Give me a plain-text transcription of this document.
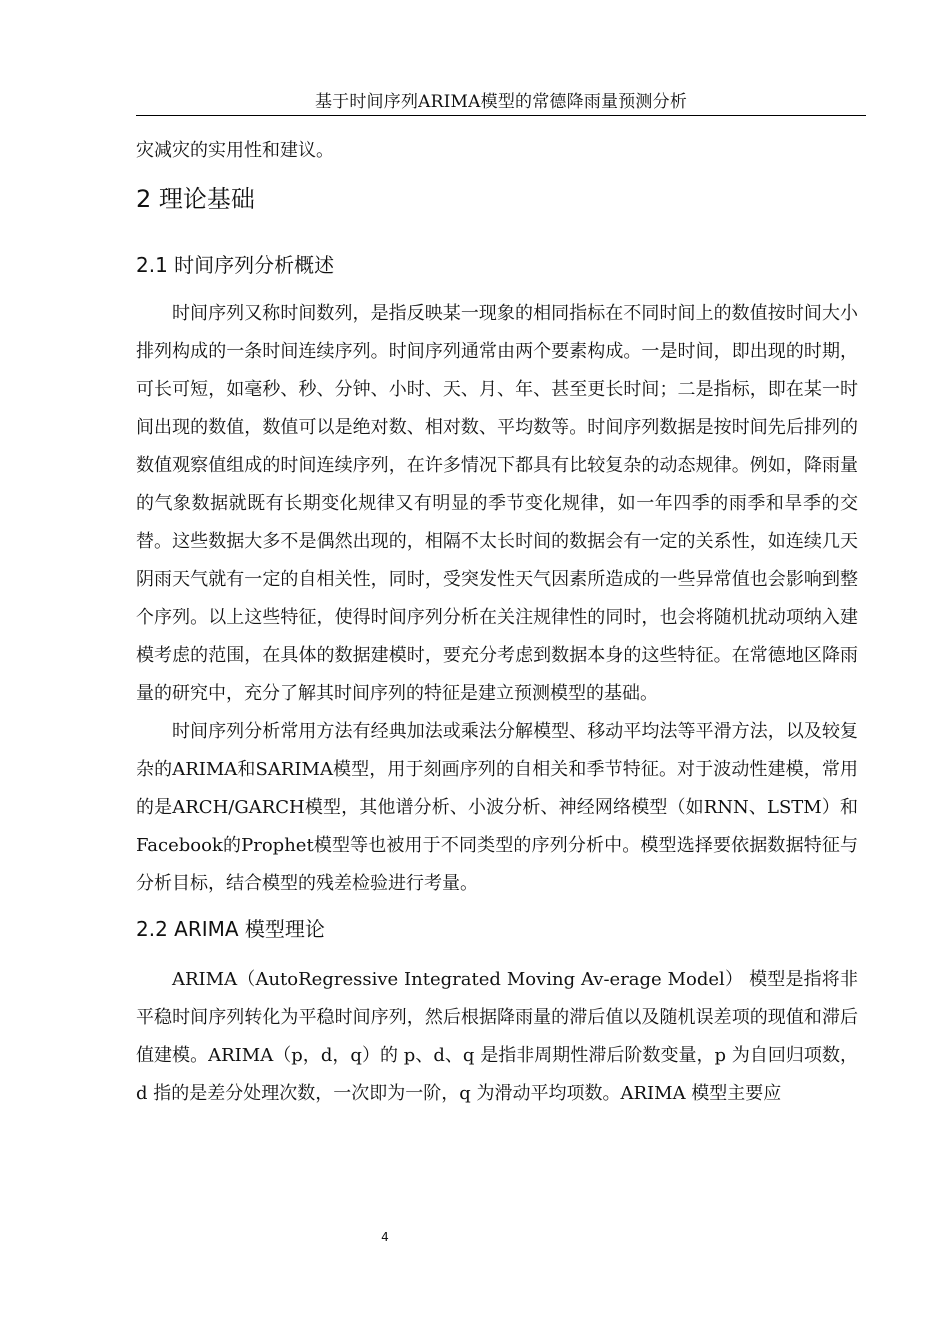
基于时间序列ARIMA模型的常德降雨量预测分析

灾减灾的实用性和建议。

2 理论基础
2.1 时间序列分析概述

时间序列又称时间数列，是指反映某一现象的相同指标在不同时间上的数值按时间大小排列构成的一条时间连续序列。时间序列通常由两个要素构成。一是时间，即出现的时期，可长可短，如毫秒、秒、分钟、小时、天、月、年、甚至更长时间；二是指标，即在某一时间出现的数值，数值可以是绝对数、相对数、平均数等。时间序列数据是按时间先后排列的数值观察值组成的时间连续序列，在许多情况下都具有比较复杂的动态规律。例如，降雨量的气象数据就既有长期变化规律又有明显的季节变化规律，如一年四季的雨季和旱季的交替。这些数据大多不是偶然出现的，相隔不太长时间的数据会有一定的关系性，如连续几天阴雨天气就有一定的自相关性，同时，受突发性天气因素所造成的一些异常值也会影响到整个序列。以上这些特征，使得时间序列分析在关注规律性的同时，也会将随机扰动项纳入建模考虑的范围，在具体的数据建模时，要充分考虑到数据本身的这些特征。在常德地区降雨量的研究中，充分了解其时间序列的特征是建立预测模型的基础。

时间序列分析常用方法有经典加法或乘法分解模型、移动平均法等平滑方法，以及较复杂的ARIMA和SARIMA模型，用于刻画序列的自相关和季节特征。对于波动性建模，常用的是ARCH/GARCH模型，其他谱分析、小波分析、神经网络模型（如RNN、LSTM）和Facebook的Prophet模型等也被用于不同类型的序列分析中。模型选择要依据数据特征与分析目标，结合模型的残差检验进行考量。

2.2 ARIMA 模型理论

ARIMA（AutoRegressive Integrated Moving Av-erage Model） 模型是指将非平稳时间序列转化为平稳时间序列，然后根据降雨量的滞后值以及随机误差项的现值和滞后值建模。ARIMA（p，d，q）的 p、d、q 是指非周期性滞后阶数变量，p 为自回归项数，d 指的是差分处理次数，一次即为一阶，q 为滑动平均项数。ARIMA 模型主要应

4
